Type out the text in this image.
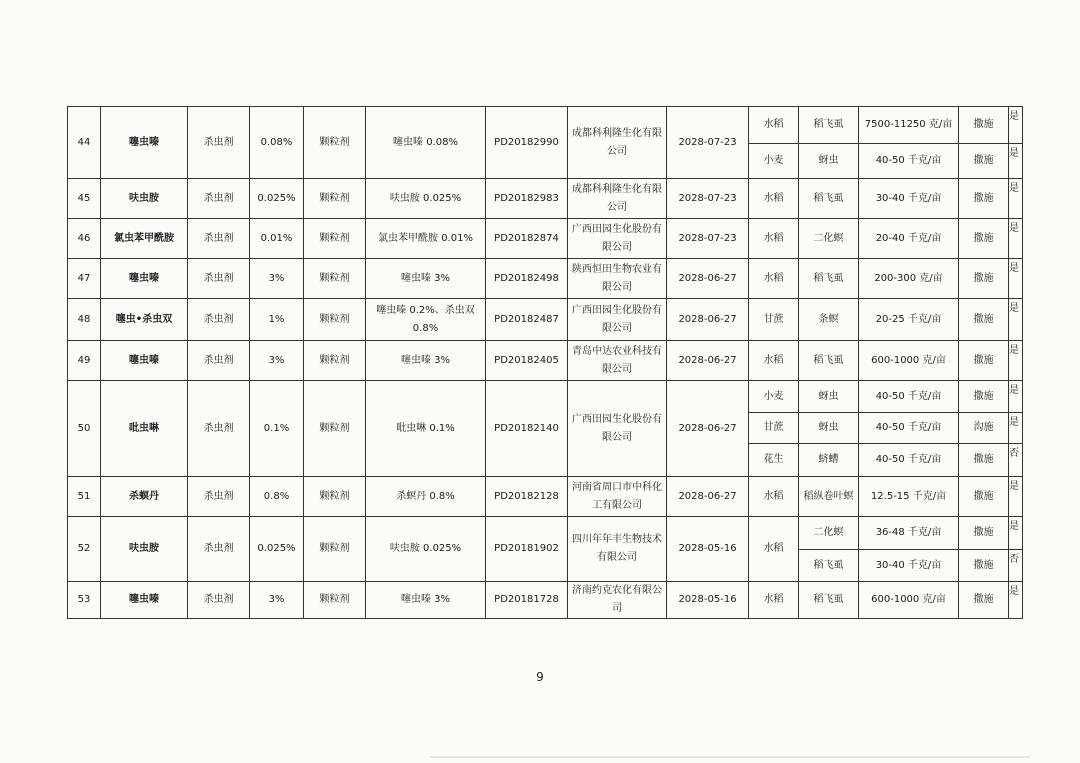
44	噻虫嗪	杀虫剂	0.08%	颗粒剂	噻虫嗪 0.08%	PD20182990	成都科利隆生化有限公司	2028-07-23	水稻	稻飞虱	7500-11250 克/亩	撒施	是
									小麦	蚜虫	40-50 千克/亩	撒施	是
45	呋虫胺	杀虫剂	0.025%	颗粒剂	呋虫胺 0.025%	PD20182983	成都科利隆生化有限公司	2028-07-23	水稻	稻飞虱	30-40 千克/亩	撒施	是
46	氯虫苯甲酰胺	杀虫剂	0.01%	颗粒剂	氯虫苯甲酰胺 0.01%	PD20182874	广西田园生化股份有限公司	2028-07-23	水稻	二化螟	20-40 千克/亩	撒施	是
47	噻虫嗪	杀虫剂	3%	颗粒剂	噻虫嗪 3%	PD20182498	陕西恒田生物农业有限公司	2028-06-27	水稻	稻飞虱	200-300 克/亩	撒施	是
48	噻虫•杀虫双	杀虫剂	1%	颗粒剂	噻虫嗪 0.2%、杀虫双 0.8%	PD20182487	广西田园生化股份有限公司	2028-06-27	甘蔗	条螟	20-25 千克/亩	撒施	是
49	噻虫嗪	杀虫剂	3%	颗粒剂	噻虫嗪 3%	PD20182405	青岛中达农业科技有限公司	2028-06-27	水稻	稻飞虱	600-1000 克/亩	撒施	是
50	吡虫啉	杀虫剂	0.1%	颗粒剂	吡虫啉 0.1%	PD20182140	广西田园生化股份有限公司	2028-06-27	小麦	蚜虫	40-50 千克/亩	撒施	是
									甘蔗	蚜虫	40-50 千克/亩	沟施	是
									花生	蛴螬	40-50 千克/亩	撒施	否
51	杀螟丹	杀虫剂	0.8%	颗粒剂	杀螟丹 0.8%	PD20182128	河南省周口市中科化工有限公司	2028-06-27	水稻	稻纵卷叶螟	12.5-15 千克/亩	撒施	是
52	呋虫胺	杀虫剂	0.025%	颗粒剂	呋虫胺 0.025%	PD20181902	四川年年丰生物技术有限公司	2028-05-16	水稻	二化螟	36-48 千克/亩	撒施	是
										稻飞虱	30-40 千克/亩	撒施	否
53	噻虫嗪	杀虫剂	3%	颗粒剂	噻虫嗪 3%	PD20181728	济南约克农化有限公司	2028-05-16	水稻	稻飞虱	600-1000 克/亩	撒施	是
9
